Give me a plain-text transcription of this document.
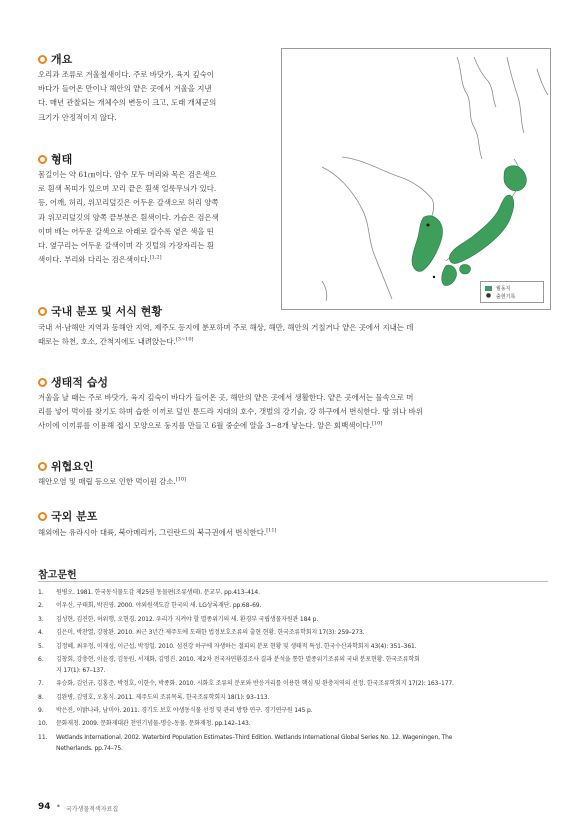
개요
오리과 조류로 겨울철새이다. 주로 바닷가, 육지 깊숙이
바다가 들어온 만이나 해안의 얕은 곳에서 겨울을 지낸
다. 매년 관찰되는 개체수의 변동이 크고, 도래 개체군의
크기가 안정적이지 않다.
형태
몸길이는 약 61㎝이다. 암수 모두 머리와 목은 검은색으
로 흰색 목띠가 있으며 꼬리 끝은 흰색 얼룩무늬가 있다.
등, 어깨, 허리, 위꼬리덮깃은 어두운 갈색으로 허리 양쪽
과 위꼬리덮깃의 양쪽 끝부분은 흰색이다. 가슴은 검은색
이며 배는 어두운 갈색으로 아래로 갈수록 옅은 색을 띤
다. 옆구리는 어두운 갈색이며 각 깃털의 가장자리는 흰
색이다. 부리와 다리는 검은색이다.[1,2]
월동지
● 출현기록
국내 분포 및 서식 현황
국내 서·남해안 지역과 동해안 지역, 제주도 등지에 분포하며 주로 해상, 해만, 해안의 거칠거나 얕은 곳에서 지내는 데
때로는 하천, 호소, 간척지에도 내려앉는다.[3~10]
생태적 습성
겨울을 날 때는 주로 바닷가, 육지 깊숙이 바다가 들어온 곳, 해안의 얕은 곳에서 생활한다. 얕은 곳에서는 물속으로 머
리를 넣어 먹이를 찾기도 하며 습한 이끼로 덮인 툰드라 지대의 호수, 갯벌의 강기슭, 강 하구에서 번식한다. 땅 위나 바위
사이에 이끼류를 이용해 접시 모양으로 둥지를 만들고 6월 중순에 알을 3~8개 낳는다. 알은 회백색이다.[10]
위협요인
해안오염 및 매립 등으로 인한 먹이원 감소.[10]
국외 분포
해외에는 유라시아 대륙, 북아메리카, 그린란드의 북극권에서 번식한다.[11]
참고문헌
1.	원병오. 1981. 한국동식물도감 제25권 동물편(조류생태). 문교부. pp.413–414.
2.	이우신, 구태회, 박진영. 2000. 야외원색도감 한국의 새. LG상록재단. pp.68–69.
3.	김성현, 김진한, 허위행, 오현경. 2012. 우리가 지켜야 할 멸종위기의 새. 환경부 국립생물자원관 184 p.
4.	김은미, 박찬열, 강창완. 2010. 최근 3년간 제주도에 도래한 법정보호조류의 출현 현황. 한국조류학회지 17(3): 259–273.
5.	김정혜, 최우정, 이재성, 이근섭, 박정일. 2010. 섬진강 하구에 자생하는 절피의 분포 현황 및 생태적 특성. 한국수산과학회지 43(4): 351–361.
6.	김창회, 강충현, 이윤경, 김동원, 서재화, 김명진. 2010. 제2차 전국자연환경조사 결과 분석을 통한 멸종위기조류의 국내 분포현황. 한국조류학회
지 17(1): 67–137.
7.	유승화, 김인규, 김홍준, 박정호, 이한수, 박종화. 2010. 시화호 조류의 분포와 반응거리를 이용한 핵심 및 완충지역의 선정. 한국조류학회지 17(2): 163–177.
8.	김완병, 김영호, 오홍식. 2011. 제주도의 조류목록. 한국조류학회지 18(1): 93–113.
9.	박은진, 이밝나라, 남미아. 2011. 경기도 보호 야생동식물 선정 및 관리 방향 연구. 경기연구원 145 p.
10.	문화재청. 2009. 문화재대관 천연기념물-명승-동물. 문화재청. pp.142–143.
11.	Wetlands International. 2002. Waterbird Population Estimates–Third Edition. Wetlands International Global Series No. 12. Wageningen, The
Netherlands. pp.74–75.
94 • 국가생물적색자료집
